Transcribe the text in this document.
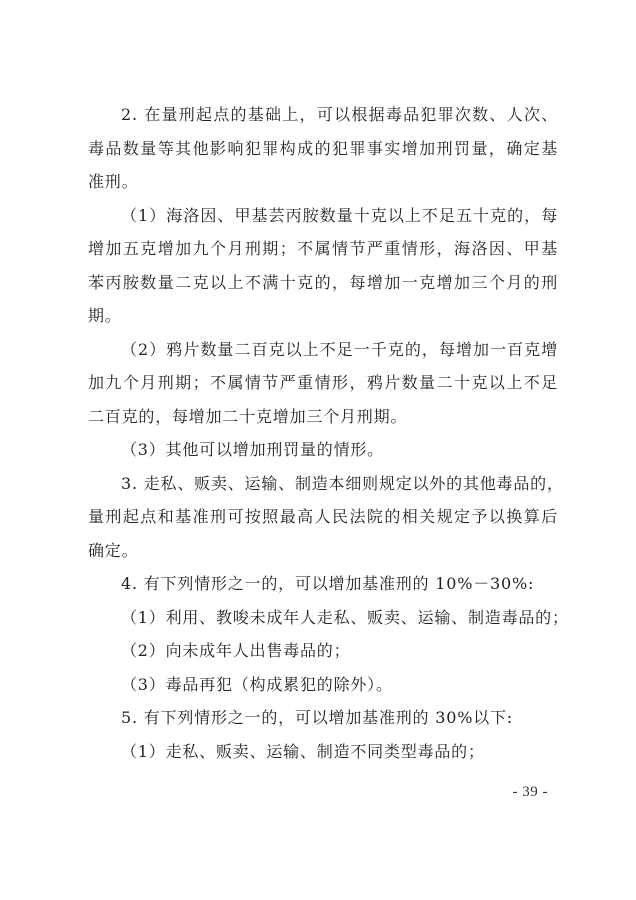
2. 在量刑起点的基础上，可以根据毒品犯罪次数、人次、
毒品数量等其他影响犯罪构成的犯罪事实增加刑罚量，确定基
准刑。
（1）海洛因、甲基芸丙胺数量十克以上不足五十克的，每
增加五克增加九个月刑期；不属情节严重情形，海洛因、甲基
苯丙胺数量二克以上不满十克的，每增加一克增加三个月的刑
期。
（2）鸦片数量二百克以上不足一千克的，每增加一百克增
加九个月刑期；不属情节严重情形，鸦片数量二十克以上不足
二百克的，每增加二十克增加三个月刑期。
（3）其他可以增加刑罚量的情形。
3. 走私、贩卖、运输、制造本细则规定以外的其他毒品的，
量刑起点和基准刑可按照最高人民法院的相关规定予以换算后
确定。
4. 有下列情形之一的，可以增加基准刑的 10%－30%:
（1）利用、教唆未成年人走私、贩卖、运输、制造毒品的；
（2）向未成年人出售毒品的；
（3）毒品再犯（构成累犯的除外）。
5. 有下列情形之一的，可以增加基准刑的 30%以下:
（1）走私、贩卖、运输、制造不同类型毒品的；
- 39 -
